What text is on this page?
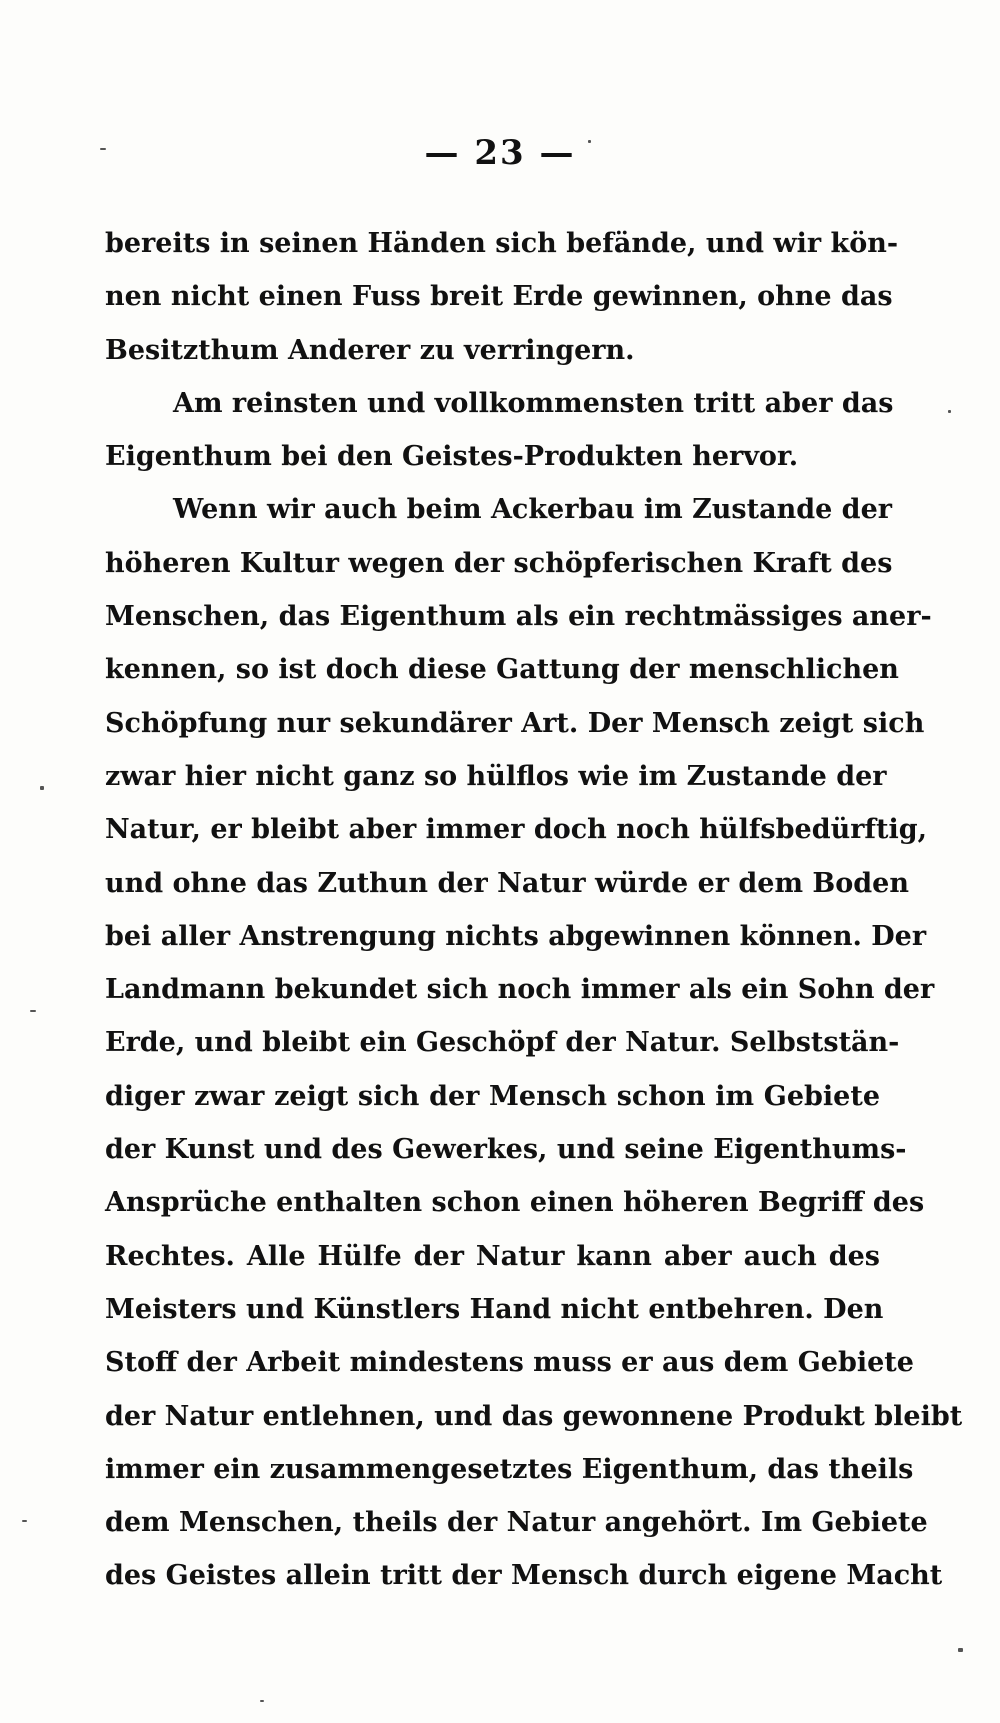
— 23 —
bereits in seinen Händen sich befände, und wir kön-
nen nicht einen Fuss breit Erde gewinnen, ohne das
Besitzthum Anderer zu verringern.
Am reinsten und vollkommensten tritt aber das
Eigenthum bei den Geistes-Produkten hervor.
Wenn wir auch beim Ackerbau im Zustande der
höheren Kultur wegen der schöpferischen Kraft des
Menschen, das Eigenthum als ein rechtmässiges aner-
kennen, so ist doch diese Gattung der menschlichen
Schöpfung nur sekundärer Art. Der Mensch zeigt sich
zwar hier nicht ganz so hülflos wie im Zustande der
Natur, er bleibt aber immer doch noch hülfsbedürftig,
und ohne das Zuthun der Natur würde er dem Boden
bei aller Anstrengung nichts abgewinnen können. Der
Landmann bekundet sich noch immer als ein Sohn der
Erde, und bleibt ein Geschöpf der Natur. Selbststän-
diger zwar zeigt sich der Mensch schon im Gebiete
der Kunst und des Gewerkes, und seine Eigenthums-
Ansprüche enthalten schon einen höheren Begriff des
Rechtes. Alle Hülfe der Natur kann aber auch des
Meisters und Künstlers Hand nicht entbehren. Den
Stoff der Arbeit mindestens muss er aus dem Gebiete
der Natur entlehnen, und das gewonnene Produkt bleibt
immer ein zusammengesetztes Eigenthum, das theils
dem Menschen, theils der Natur angehört. Im Gebiete
des Geistes allein tritt der Mensch durch eigene Macht
